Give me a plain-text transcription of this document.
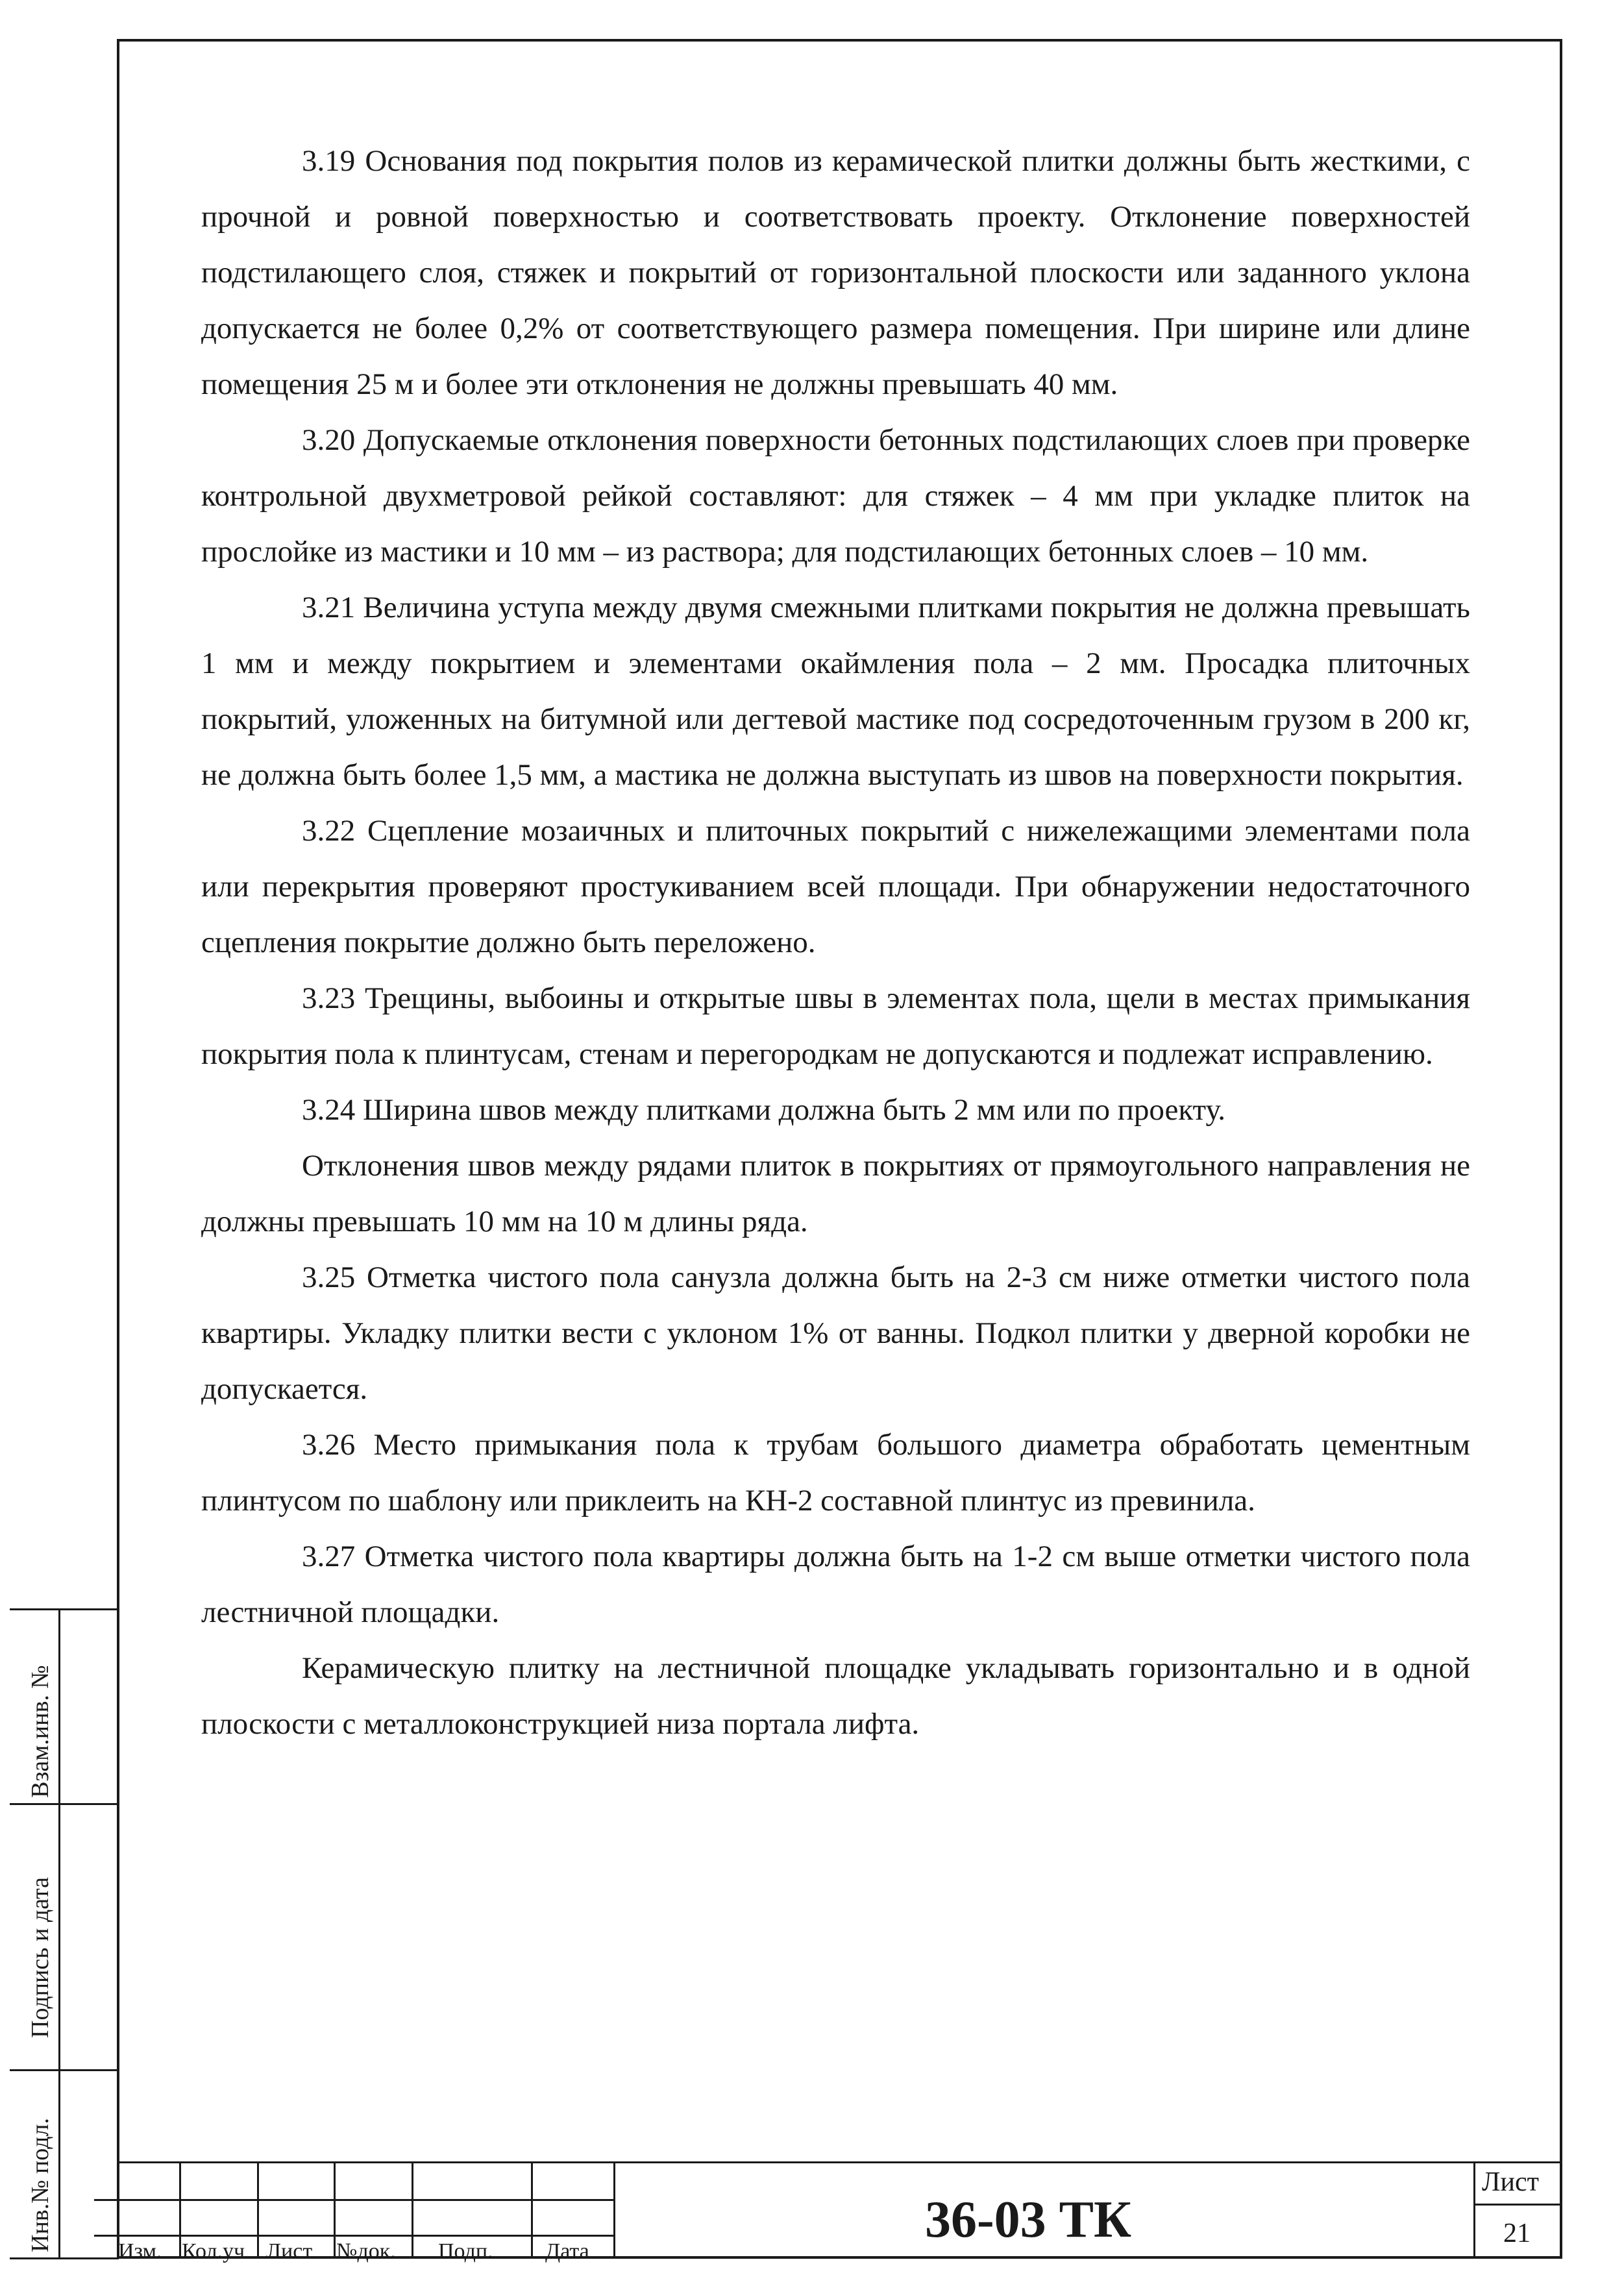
3.19 Основания под покрытия полов из керамической плитки должны быть жесткими, с прочной и ровной поверхностью и соответствовать проекту. Отклонение поверхностей подстилающего слоя, стяжек и покрытий от горизонтальной плоскости или заданного уклона допускается не более 0,2% от соответствующего размера помещения. При ширине или длине помещения 25 м и более эти отклонения не должны превышать 40 мм.

3.20 Допускаемые отклонения поверхности бетонных подстилающих слоев при проверке контрольной двухметровой рейкой составляют: для стяжек – 4 мм при укладке плиток на прослойке из мастики и 10 мм – из раствора; для подстилающих бетонных слоев – 10 мм.

3.21 Величина уступа между двумя смежными плитками покрытия не должна превышать 1 мм и между покрытием и элементами окаймления пола – 2 мм. Просадка плиточных покрытий, уложенных на битумной или дегтевой мастике под сосредоточенным грузом в 200 кг, не должна быть более 1,5 мм, а мастика не должна выступать из швов на поверхности покрытия.

3.22 Сцепление мозаичных и плиточных покрытий с нижележащими элементами пола или перекрытия проверяют простукиванием всей площади. При обнаружении недостаточного сцепления покрытие должно быть переложено.

3.23 Трещины, выбоины и открытые швы в элементах пола, щели в местах примыкания покрытия пола к плинтусам, стенам и перегородкам не допускаются и подлежат исправлению.

3.24 Ширина швов между плитками должна быть 2 мм или по проекту.

Отклонения швов между рядами плиток в покрытиях от прямоугольного направления не должны превышать 10 мм на 10 м длины ряда.

3.25 Отметка чистого пола санузла должна быть на 2-3 см ниже отметки чистого пола квартиры. Укладку плитки вести с уклоном 1% от ванны. Подкол плитки у дверной коробки не допускается.

3.26 Место примыкания пола к трубам большого диаметра обработать цементным плинтусом по шаблону или приклеить на КН-2 составной плинтус из превинила.

3.27 Отметка чистого пола квартиры должна быть на 1-2 см выше отметки чистого пола лестничной площадки.

Керамическую плитку на лестничной площадке укладывать горизонтально и в одной плоскости с металлоконструкцией низа портала лифта.

Взам.инв. №
Подпись и дата
Инв.№ подл.	Изм. Кол.уч Лист №док. Подп. Дата
36-03 ТК
Лист
21
